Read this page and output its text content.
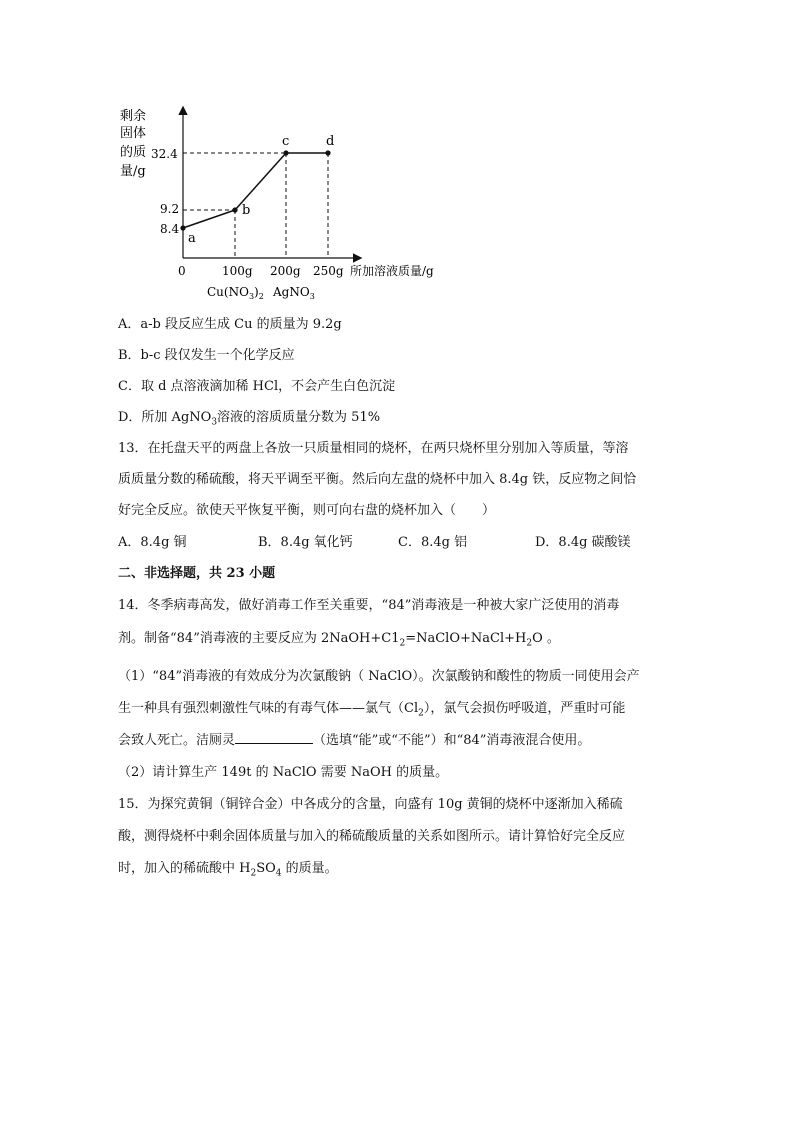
剩余
固体
的质
量/g
a
b
c	d
32.4
9.2
8.4
0	100g 200g 250g 所加溶液质量/g
$Cu(NO_3)_2$ AgNO$_3$
A．a-b 段反应生成 Cu 的质量为 9.2g
B．b-c 段仅发生一个化学反应
C．取 d 点溶液滴加稀 HCl，不会产生白色沉淀
D．所加 AgNO$_3$溶液的溶质质量分数为 51%
13．在托盘天平的两盘上各放一只质量相同的烧杯，在两只烧杯里分别加入等质量，等溶
质质量分数的稀硫酸，将天平调至平衡。然后向左盘的烧杯中加入 8.4g 铁，反应物之间恰
好完全反应。欲使天平恢复平衡，则可向右盘的烧杯加入（　　）
A．8.4g 铜	B．8.4g 氧化钙	C．8.4g 铝	D．8.4g 碳酸镁
二、非选择题，共 23 小题
14．冬季病毒高发，做好消毒工作至关重要，“84”消毒液是一种被大家广泛使用的消毒
剂。制备“84”消毒液的主要反应为 $2NaOH+C1_2=NaClO+NaCl+H_2O$ 。
（1）“84”消毒液的有效成分为次氯酸钠（ NaClO）。次氯酸钠和酸性的物质一同使用会产
生一种具有强烈刺激性气味的有毒气体——氯气$(Cl_2)$，氯气会损伤呼吸道，严重时可能
会致人死亡。洁厕灵	（选填“能”或“不能”）和“84”消毒液混合使用。
（2）请计算生产 149t 的 NaClO 需要 NaOH 的质量。
15．为探究黄铜（铜锌合金）中各成分的含量，向盛有 10g 黄铜的烧杯中逐渐加入稀硫
酸，测得烧杯中剩余固体质量与加入的稀硫酸质量的关系如图所示。请计算恰好完全反应
时，加入的稀硫酸中 $H_2SO_4$ 的质量。
